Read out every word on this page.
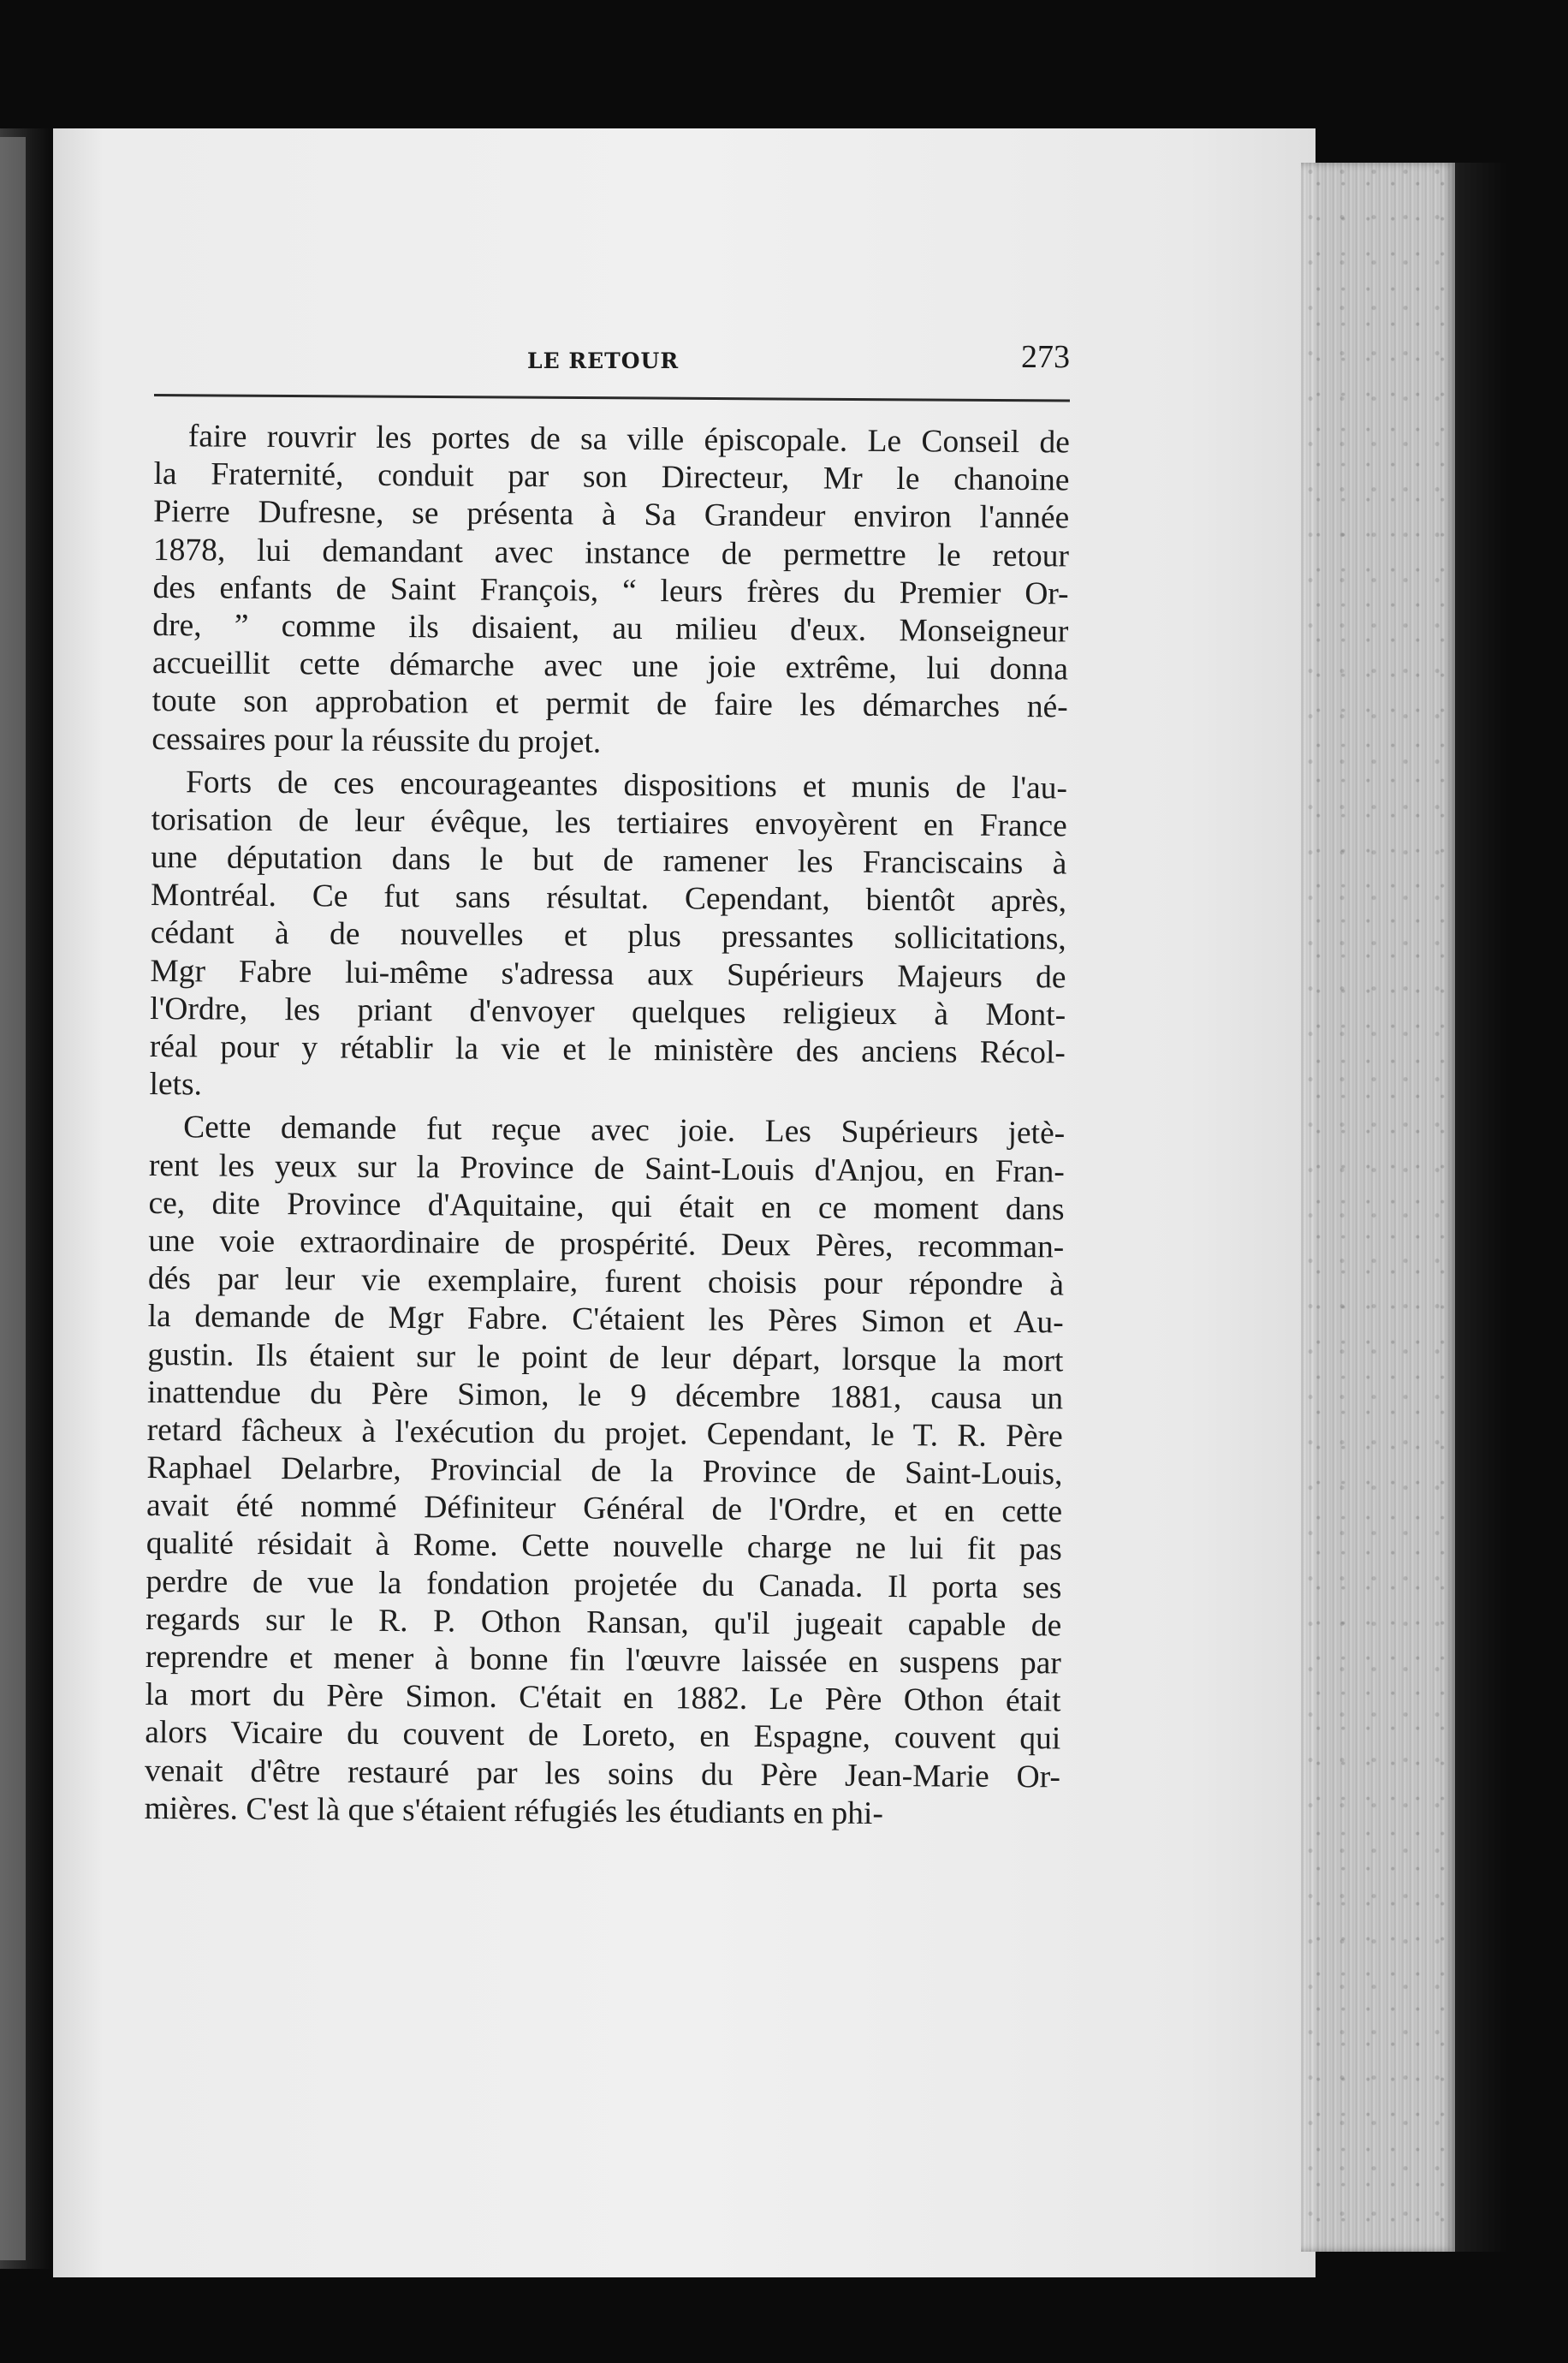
LE RETOUR	273
faire rouvrir les portes de sa ville épiscopale. Le Conseil de
la Fraternité, conduit par son Directeur, Mr le chanoine
Pierre Dufresne, se présenta à Sa Grandeur environ l'année
1878, lui demandant avec instance de permettre le retour
des enfants de Saint François, “ leurs frères du Premier Or-
dre, ” comme ils disaient, au milieu d'eux. Monseigneur
accueillit cette démarche avec une joie extrême, lui donna
toute son approbation et permit de faire les démarches né-
cessaires pour la réussite du projet.
Forts de ces encourageantes dispositions et munis de l'au-
torisation de leur évêque, les tertiaires envoyèrent en France
une députation dans le but de ramener les Franciscains à
Montréal. Ce fut sans résultat. Cependant, bientôt après,
cédant à de nouvelles et plus pressantes sollicitations,
Mgr Fabre lui-même s'adressa aux Supérieurs Majeurs de
l'Ordre, les priant d'envoyer quelques religieux à Mont-
réal pour y rétablir la vie et le ministère des anciens Récol-
lets.
Cette demande fut reçue avec joie. Les Supérieurs jetè-
rent les yeux sur la Province de Saint-Louis d'Anjou, en Fran-
ce, dite Province d'Aquitaine, qui était en ce moment dans
une voie extraordinaire de prospérité. Deux Pères, recomman-
dés par leur vie exemplaire, furent choisis pour répondre à
la demande de Mgr Fabre. C'étaient les Pères Simon et Au-
gustin. Ils étaient sur le point de leur départ, lorsque la mort
inattendue du Père Simon, le 9 décembre 1881, causa un
retard fâcheux à l'exécution du projet. Cependant, le T. R. Père
Raphael Delarbre, Provincial de la Province de Saint-Louis,
avait été nommé Définiteur Général de l'Ordre, et en cette
qualité résidait à Rome. Cette nouvelle charge ne lui fit pas
perdre de vue la fondation projetée du Canada. Il porta ses
regards sur le R. P. Othon Ransan, qu'il jugeait capable de
reprendre et mener à bonne fin l'œuvre laissée en suspens par
la mort du Père Simon. C'était en 1882. Le Père Othon était
alors Vicaire du couvent de Loreto, en Espagne, couvent qui
venait d'être restauré par les soins du Père Jean-Marie Or-
mières. C'est là que s'étaient réfugiés les étudiants en phi-
